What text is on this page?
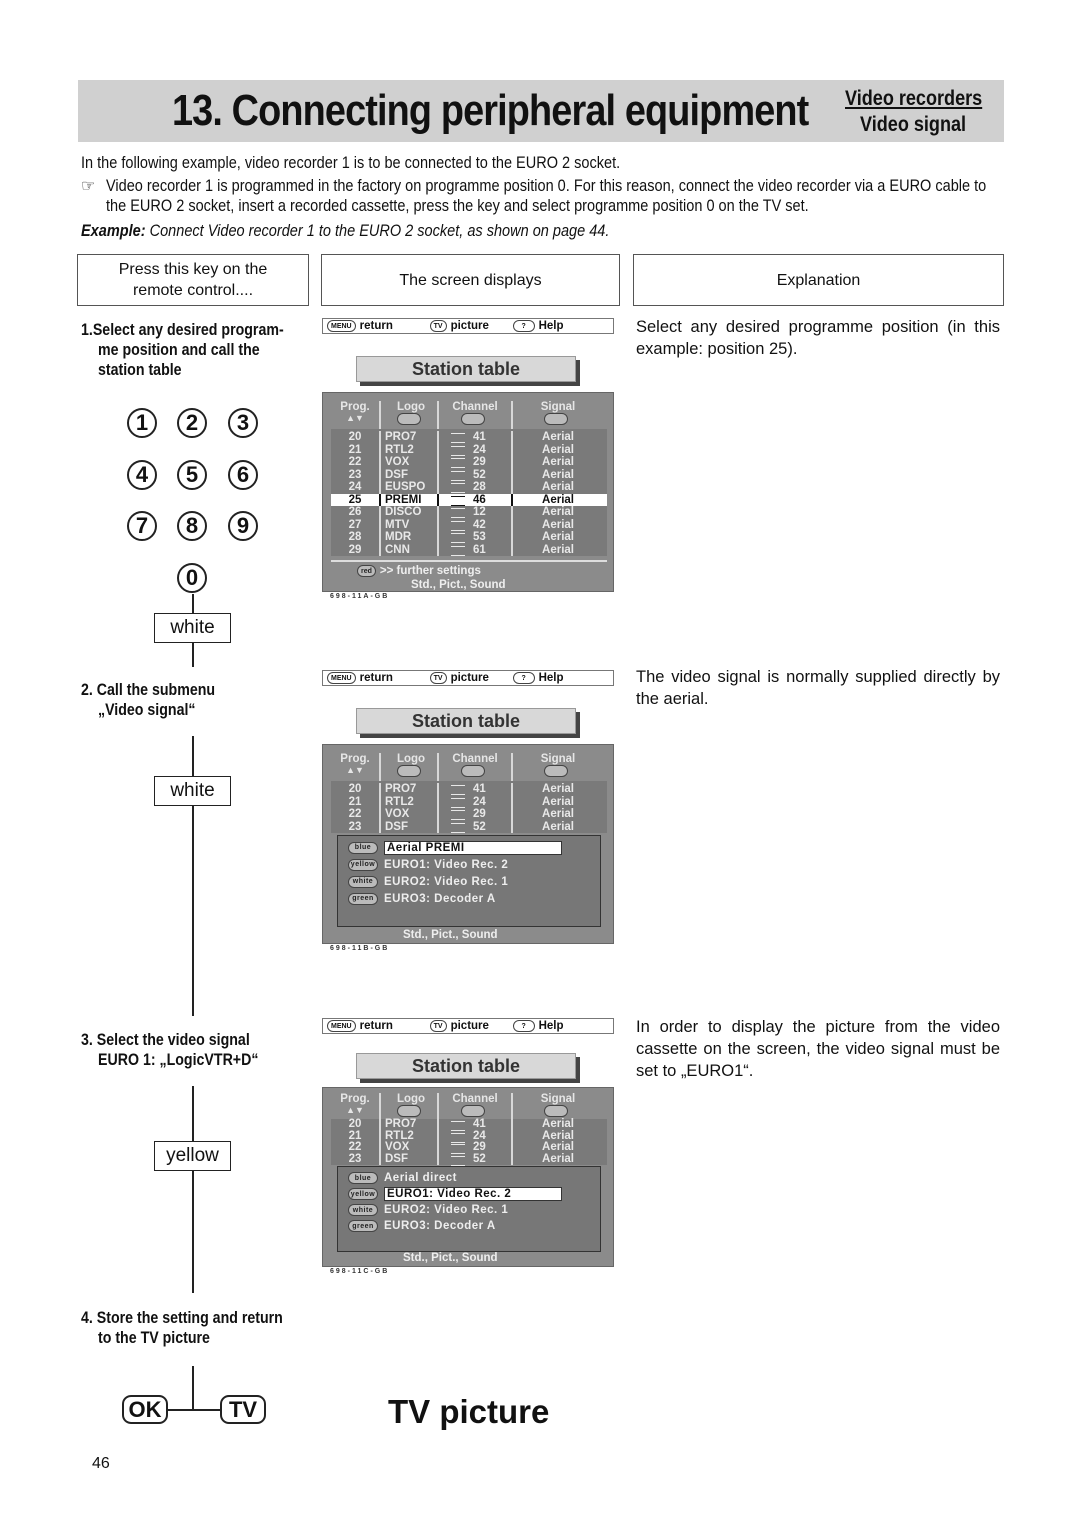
13. Connecting peripheral equipment Video recorders
Video signal
In the following example, video recorder 1 is to be connected to the EURO 2 socket.
☞ Video recorder 1 is programmed in the factory on programme position 0. For this reason, connect the video recorder via a EURO cable to
the EURO 2 socket, insert a recorded cassette, press the key and select programme position 0 on the TV set.
Example: Connect Video recorder 1 to the EURO 2 socket, as shown on page 44.
Press this key on the remote control....
The screen displays	Explanation
1.Select any desired program-
me position and call the
station table
2. Call the submenu
„Video signal“
3. Select the video signal
EURO 1: „LogicVTR+D“
4. Store the setting and return
to the TV picture
1	2	3
4	5	6
7	8	9
0
white
white
yellow
OK	TV	TV picture
46
Select any desired programme position (in this example: position 25).
The video signal is normally supplied directly by the aerial.
In order to display the picture from the video cassette on the screen, the video signal must be set to „EURO1“.
MENU return	TV picture	?	Help
Station table
Prog.	Logo	Channel	Signal
▲▼
20	PRO7	41	Aerial
21	RTL2	24	Aerial
22	VOX	29	Aerial
23	DSF	52	Aerial
24	EUSPO	28	Aerial
25	PREMI	46	Aerial
26	DISCO	12	Aerial
27	MTV	42	Aerial
28	MDR	53	Aerial
29	CNN	61	Aerial
red >> further settings
Std., Pict., Sound
698-11A-GB
MENU return	TV picture	?	Help
Station table
Prog.	Logo	Channel	Signal
▲▼
20	PRO7	41	Aerial
21	RTL2	24	Aerial
22	VOX	29	Aerial
23	DSF	52	Aerial
blue	Aerial PREMI
yellow EURO1: Video Rec. 2
white EURO2: Video Rec. 1
green EURO3: Decoder A
Std., Pict., Sound
698-11B-GB
MENU return	TV picture	?	Help
Station table
Prog.	Logo	Channel	Signal
▲▼
20	PRO7	41	Aerial
21	RTL2	24	Aerial
22	VOX	29	Aerial
23	DSF	52	Aerial
blue	Aerial direct
yellow EURO1: Video Rec. 2
white EURO2: Video Rec. 1
green EURO3: Decoder A
Std., Pict., Sound
698-11C-GB
